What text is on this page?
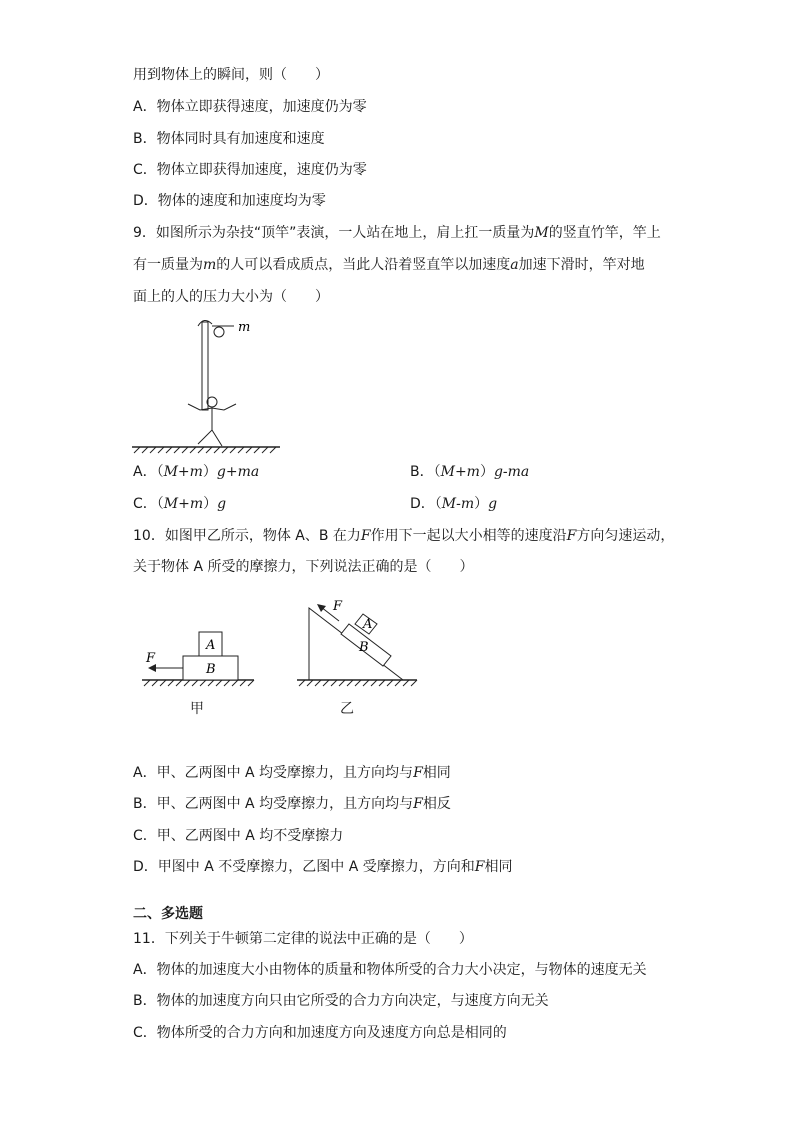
用到物体上的瞬间，则（　　）
A．物体立即获得速度，加速度仍为零
B．物体同时具有加速度和速度
C．物体立即获得加速度，速度仍为零
D．物体的速度和加速度均为零
9．如图所示为杂技“顶竿”表演，一人站在地上，肩上扛一质量为M的竖直竹竿，竿上
有一质量为m的人可以看成质点，当此人沿着竖直竿以加速度a加速下滑时，竿对地
面上的人的压力大小为（　　）
m
A．（M+m）g+ma	B．（M+m）g-ma
C．（M+m）g	D．（M-m）g
10．如图甲乙所示，物体 A、B 在力F作用下一起以大小相等的速度沿F方向匀速运动，
关于物体 A 所受的摩擦力，下列说法正确的是（　　）
A
B
F
甲
A
B
F
乙
A．甲、乙两图中 A 均受摩擦力，且方向均与F相同
B．甲、乙两图中 A 均受摩擦力，且方向均与F相反
C．甲、乙两图中 A 均不受摩擦力
D．甲图中 A 不受摩擦力，乙图中 A 受摩擦力，方向和F相同
二、多选题
11．下列关于牛顿第二定律的说法中正确的是（　　）
A．物体的加速度大小由物体的质量和物体所受的合力大小决定，与物体的速度无关
B．物体的加速度方向只由它所受的合力方向决定，与速度方向无关
C．物体所受的合力方向和加速度方向及速度方向总是相同的
